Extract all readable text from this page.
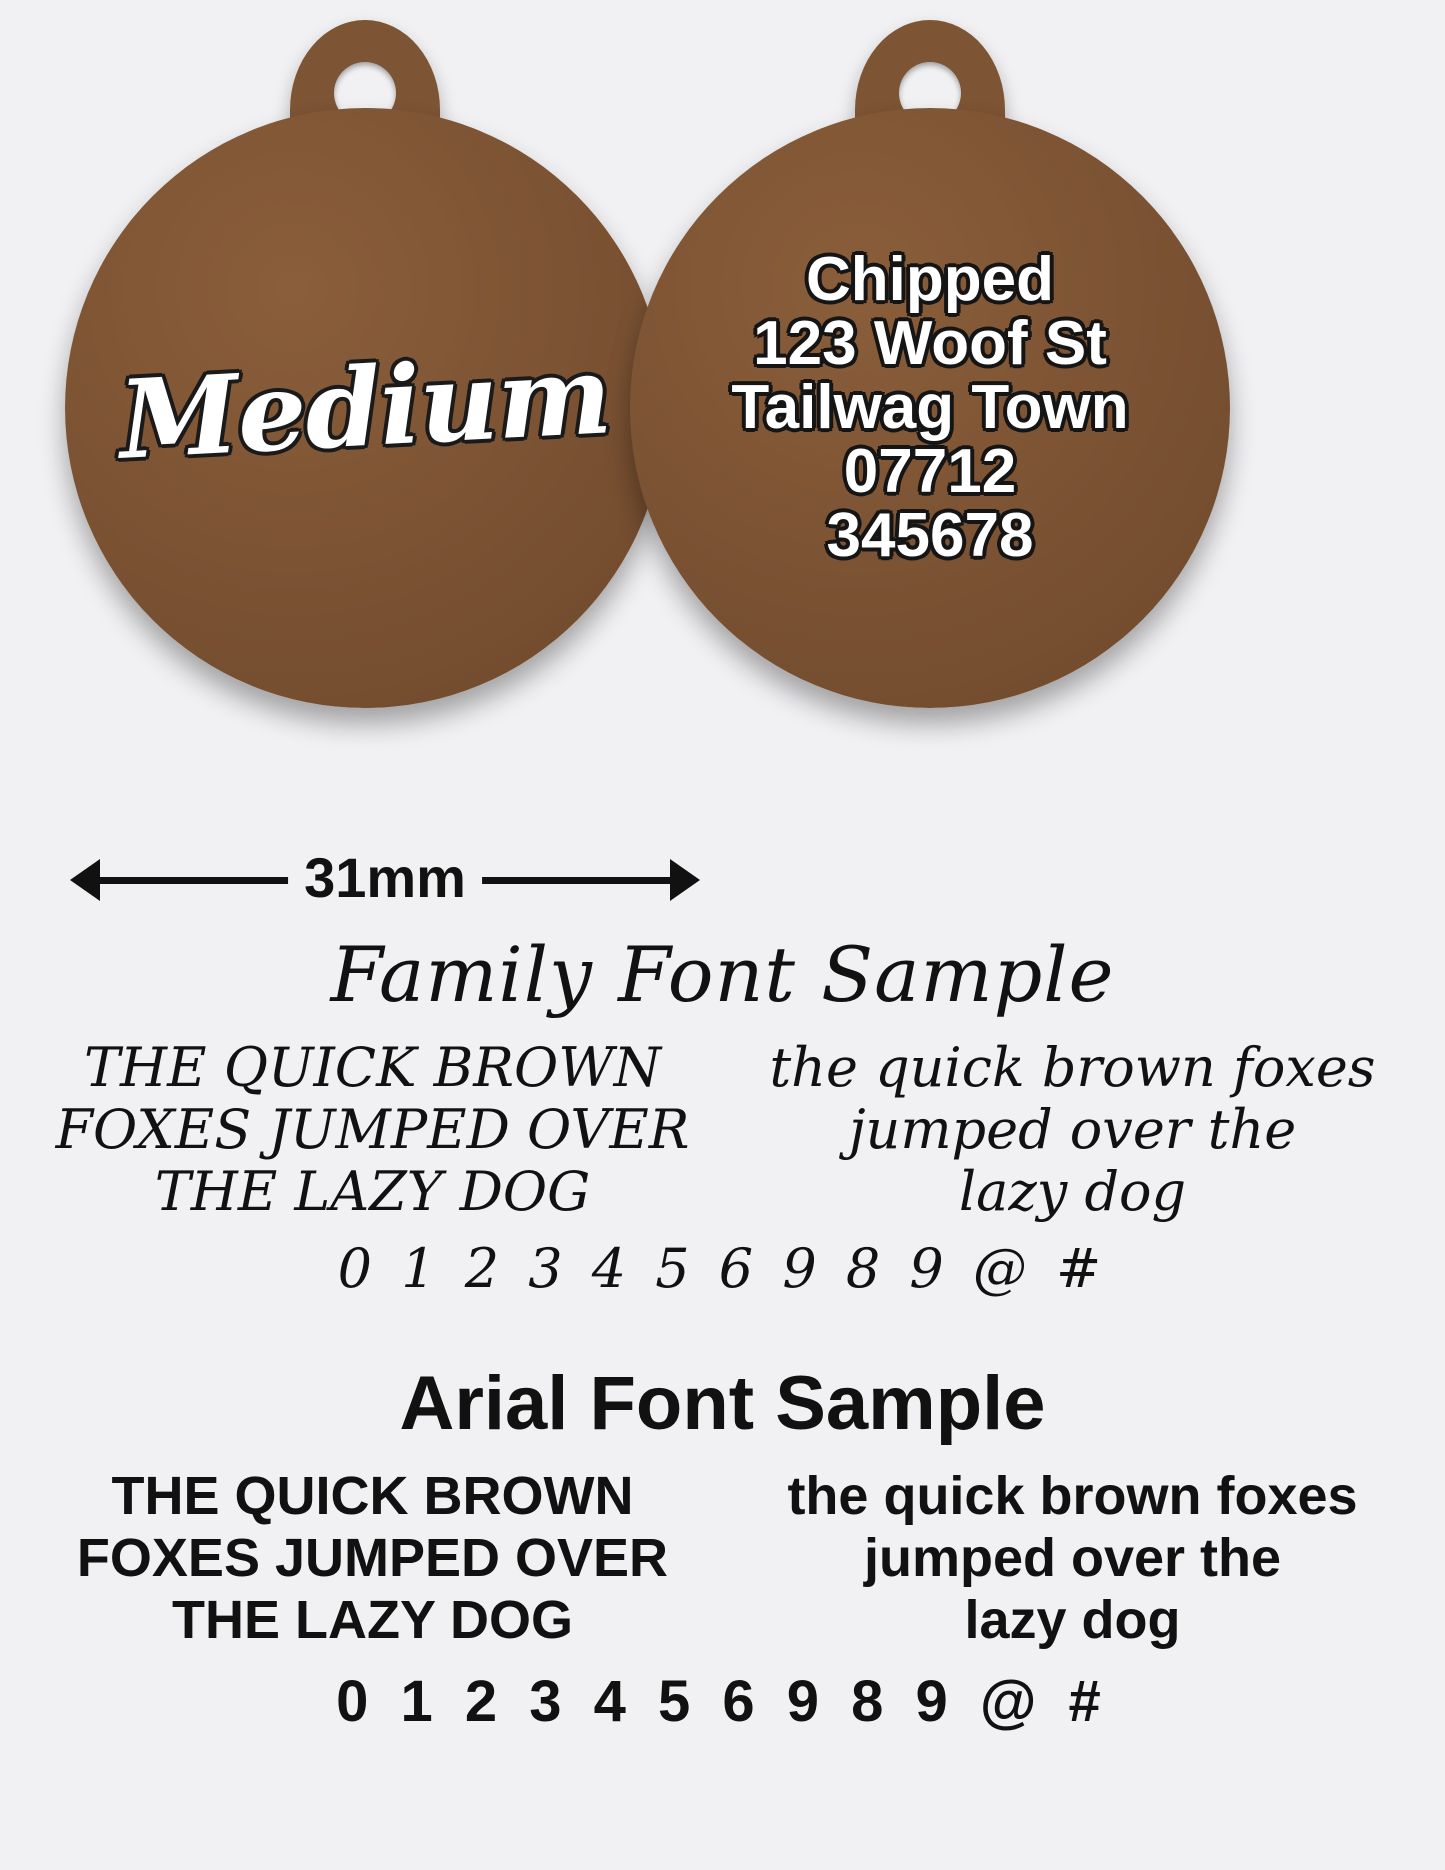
Medium
Chipped
123 Woof St
Tailwag Town
07712
345678
31mm
Family Font Sample
THE QUICK BROWN
FOXES JUMPED OVER
THE LAZY DOG
the quick brown foxes
jumped over the
lazy dog
0 1 2 3 4 5 6 9 8 9 @ #
Arial Font Sample
THE QUICK BROWN
FOXES JUMPED OVER
THE LAZY DOG
the quick brown foxes
jumped over the
lazy dog
0 1 2 3 4 5 6 9 8 9 @ #
